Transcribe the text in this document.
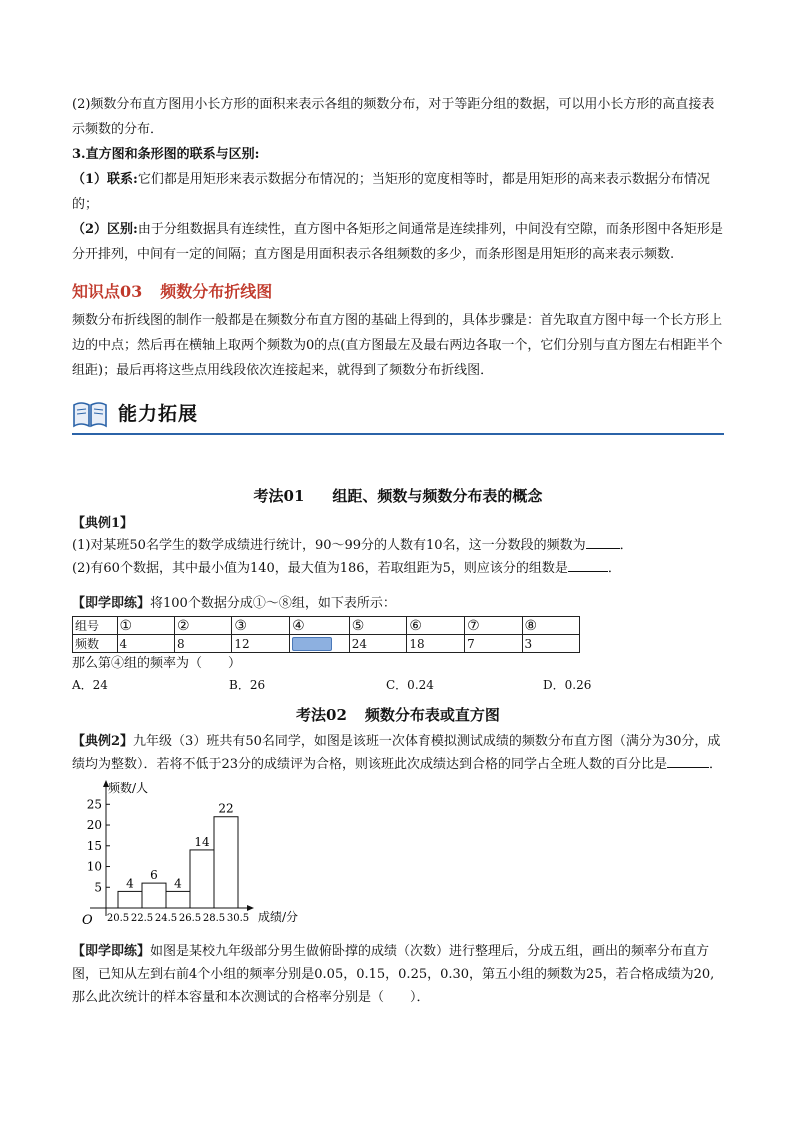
(2)频数分布直方图用小长方形的面积来表示各组的频数分布，对于等距分组的数据，可以用小长方形的高直接表示频数的分布．

3.直方图和条形图的联系与区别:

（1）联系:它们都是用矩形来表示数据分布情况的；当矩形的宽度相等时，都是用矩形的高来表示数据分布情况的；

（2）区别:由于分组数据具有连续性，直方图中各矩形之间通常是连续排列，中间没有空隙，而条形图中各矩形是分开排列，中间有一定的间隔；直方图是用面积表示各组频数的多少，而条形图是用矩形的高来表示频数.

知识点03 频数分布折线图

频数分布折线图的制作一般都是在频数分布直方图的基础上得到的，具体步骤是：首先取直方图中每一个长方形上边的中点；然后再在横轴上取两个频数为0的点(直方图最左及最右两边各取一个，它们分别与直方图左右相距半个组距)；最后再将这些点用线段依次连接起来，就得到了频数分布折线图．

能力拓展

考法01 组距、频数与频数分布表的概念

【典例1】

(1)对某班50名学生的数学成绩进行统计，90～99分的人数有10名，这一分数段的频数为	．

(2)有60个数据，其中最小值为140，最大值为186，若取组距为5，则应该分的组数是	．

【即学即练】将100个数据分成①～⑧组，如下表所示：

组号	①	②	③	④	⑤	⑥	⑦	⑧
频数	4	8	12		24	18	7	3

那么第④组的频率为（　　）

A．24	B．26	C．0.24	D．0.26

考法02 频数分布表或直方图

【典例2】九年级（3）班共有50名同学，如图是该班一次体育模拟测试成绩的频数分布直方图（满分为30分，成绩均为整数）．若将不低于23分的成绩评为合格，则该班此次成绩达到合格的同学占全班人数的百分比是	．

频数/人
成绩/分
O
5
10
15
20
25
4
6
4
14
22
20.5 22.5 24.5 26.5 28.5 30.5

【即学即练】如图是某校九年级部分男生做俯卧撑的成绩（次数）进行整理后，分成五组，画出的频率分布直方图，已知从左到右前4个小组的频率分别是0.05，0.15，0.25，0.30，第五小组的频数为25，若合格成绩为20,那么此次统计的样本容量和本次测试的合格率分别是（　　）．
